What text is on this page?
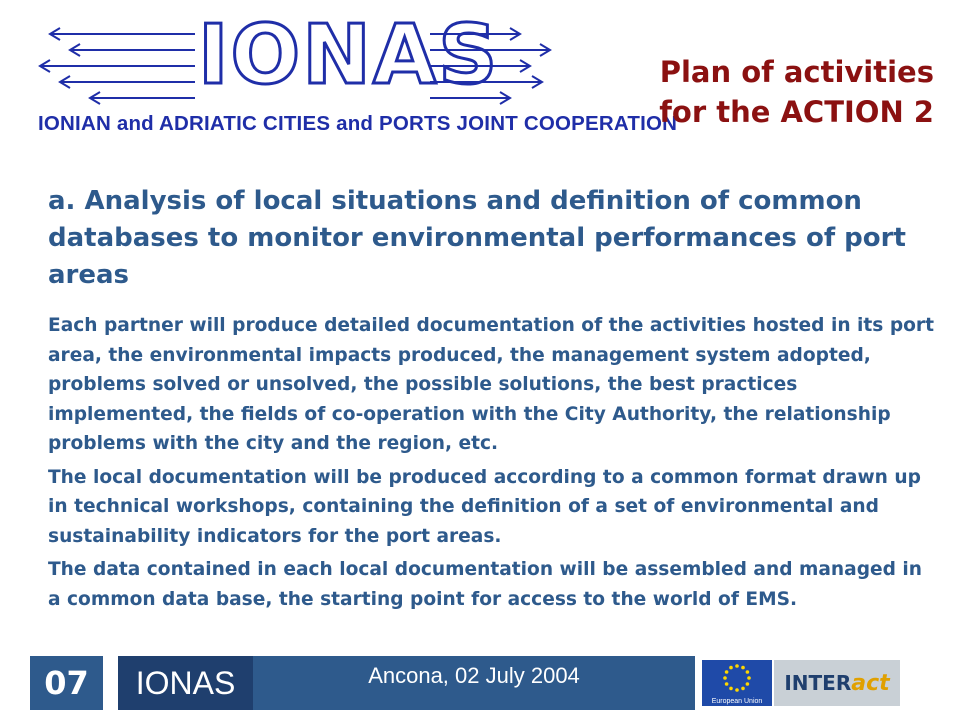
IONAS
IONIAN and ADRIATIC CITIES and PORTS JOINT COOPERATION
Plan of activities
for the ACTION 2
a. Analysis of local situations and definition of common databases to monitor environmental performances of port areas

Each partner will produce detailed documentation of the activities hosted in its port area, the environmental impacts produced, the management system adopted, problems solved or unsolved, the possible solutions, the best practices implemented, the fields of co-operation with the City Authority, the relationship problems with the city and the region, etc.

The local documentation will be produced according to a common format drawn up in technical workshops, containing the definition of a set of environmental and sustainability indicators for the port areas.

The data contained in each local documentation will be assembled and managed in a common data base, the starting point for access to the world of EMS.

07	IONAS	Ancona, 02 July 2004
European Union
INTER act
